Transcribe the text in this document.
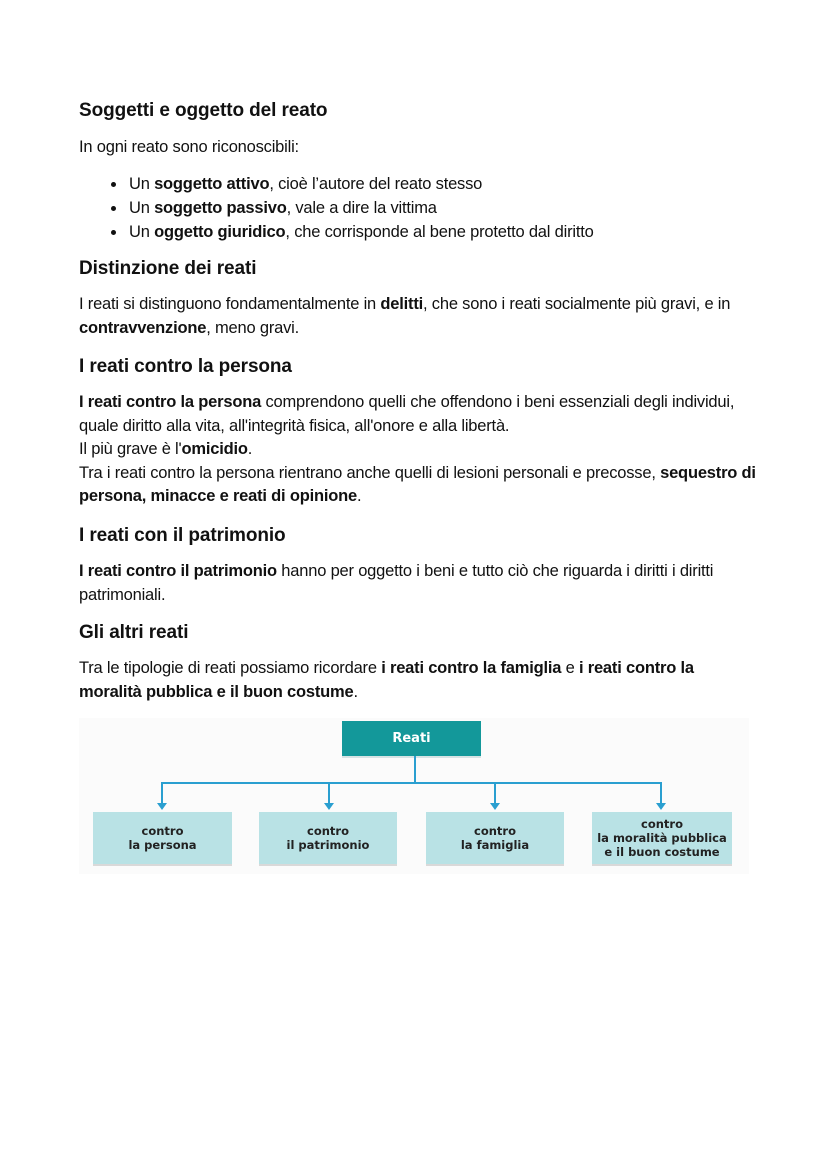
Soggetti e oggetto del reato

In ogni reato sono riconoscibili:

Un soggetto attivo, cioè l’autore del reato stesso
Un soggetto passivo, vale a dire la vittima
Un oggetto giuridico, che corrisponde al bene protetto dal diritto
Distinzione dei reati

I reati si distinguono fondamentalmente in delitti, che sono i reati socialmente più gravi, e in contravvenzione, meno gravi.

I reati contro la persona

I reati contro la persona comprendono quelli che offendono i beni essenziali degli individui, quale diritto alla vita, all'integrità fisica, all'onore e alla libertà.
Il più grave è l'omicidio.
Tra i reati contro la persona rientrano anche quelli di lesioni personali e precosse, sequestro di persona, minacce e reati di opinione.

I reati con il patrimonio

I reati contro il patrimonio hanno per oggetto i beni e tutto ciò che riguarda i diritti i diritti patrimoniali.

Gli altri reati

Tra le tipologie di reati possiamo ricordare i reati contro la famiglia e i reati contro la moralità pubblica e il buon costume.

Reati
contro
la persona
contro
il patrimonio
contro
la famiglia
contro
la moralità pubblica
e il buon costume
